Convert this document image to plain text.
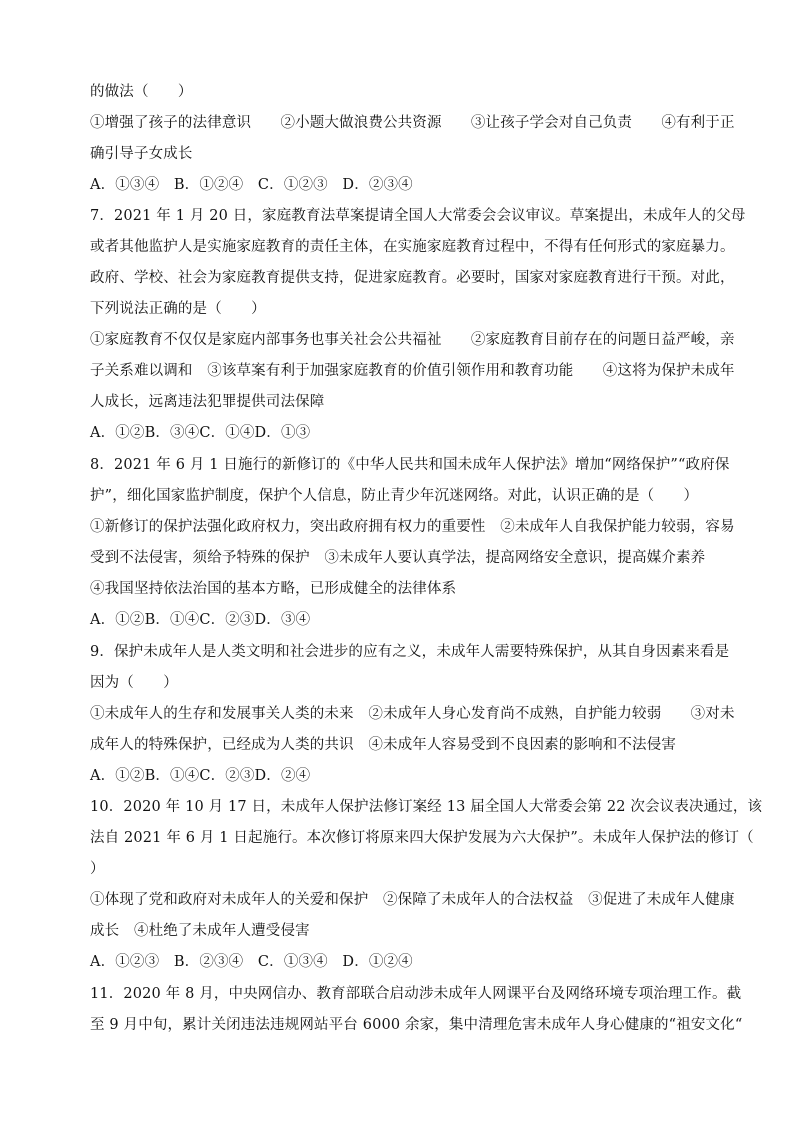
的做法（　　）
①增强了孩子的法律意识　　②小题大做浪费公共资源　　③让孩子学会对自己负责　　④有利于正
确引导子女成长
A．①③④　B．①②④　C．①②③　D．②③④
7．2021 年 1 月 20 日，家庭教育法草案提请全国人大常委会会议审议。草案提出，未成年人的父母
或者其他监护人是实施家庭教育的责任主体，在实施家庭教育过程中，不得有任何形式的家庭暴力。
政府、学校、社会为家庭教育提供支持，促进家庭教育。必要时，国家对家庭教育进行干预。对此，
下列说法正确的是（　　）
①家庭教育不仅仅是家庭内部事务也事关社会公共福祉　　②家庭教育目前存在的问题日益严峻，亲
子关系难以调和　③该草案有利于加强家庭教育的价值引领作用和教育功能　　④这将为保护未成年
人成长，远离违法犯罪提供司法保障
A．①②B．③④C．①④D．①③
8．2021 年 6 月 1 日施行的新修订的《中华人民共和国未成年人保护法》增加“网络保护”“政府保
护”，细化国家监护制度，保护个人信息，防止青少年沉迷网络。对此，认识正确的是（　　）
①新修订的保护法强化政府权力，突出政府拥有权力的重要性　②未成年人自我保护能力较弱，容易
受到不法侵害，须给予特殊的保护　③未成年人要认真学法，提高网络安全意识，提高媒介素养
④我国坚持依法治国的基本方略，已形成健全的法律体系
A．①②B．①④C．②③D．③④
9．保护未成年人是人类文明和社会进步的应有之义，未成年人需要特殊保护，从其自身因素来看是
因为（　　）
①未成年人的生存和发展事关人类的未来　②未成年人身心发育尚不成熟，自护能力较弱　　③对未
成年人的特殊保护，已经成为人类的共识　④未成年人容易受到不良因素的影响和不法侵害
A．①②B．①④C．②③D．②④
10．2020 年 10 月 17 日，未成年人保护法修订案经 13 届全国人大常委会第 22 次会议表决通过，该
法自 2021 年 6 月 1 日起施行。本次修订将原来四大保护发展为六大保护”。未成年人保护法的修订（
）
①体现了党和政府对未成年人的关爱和保护　②保障了未成年人的合法权益　③促进了未成年人健康
成长　④杜绝了未成年人遭受侵害
A．①②③　B．②③④　C．①③④　D．①②④
11．2020 年 8 月，中央网信办、教育部联合启动涉未成年人网课平台及网络环境专项治理工作。截
至 9 月中旬，累计关闭违法违规网站平台 6000 余家，集中清理危害未成年人身心健康的“祖安文化“
